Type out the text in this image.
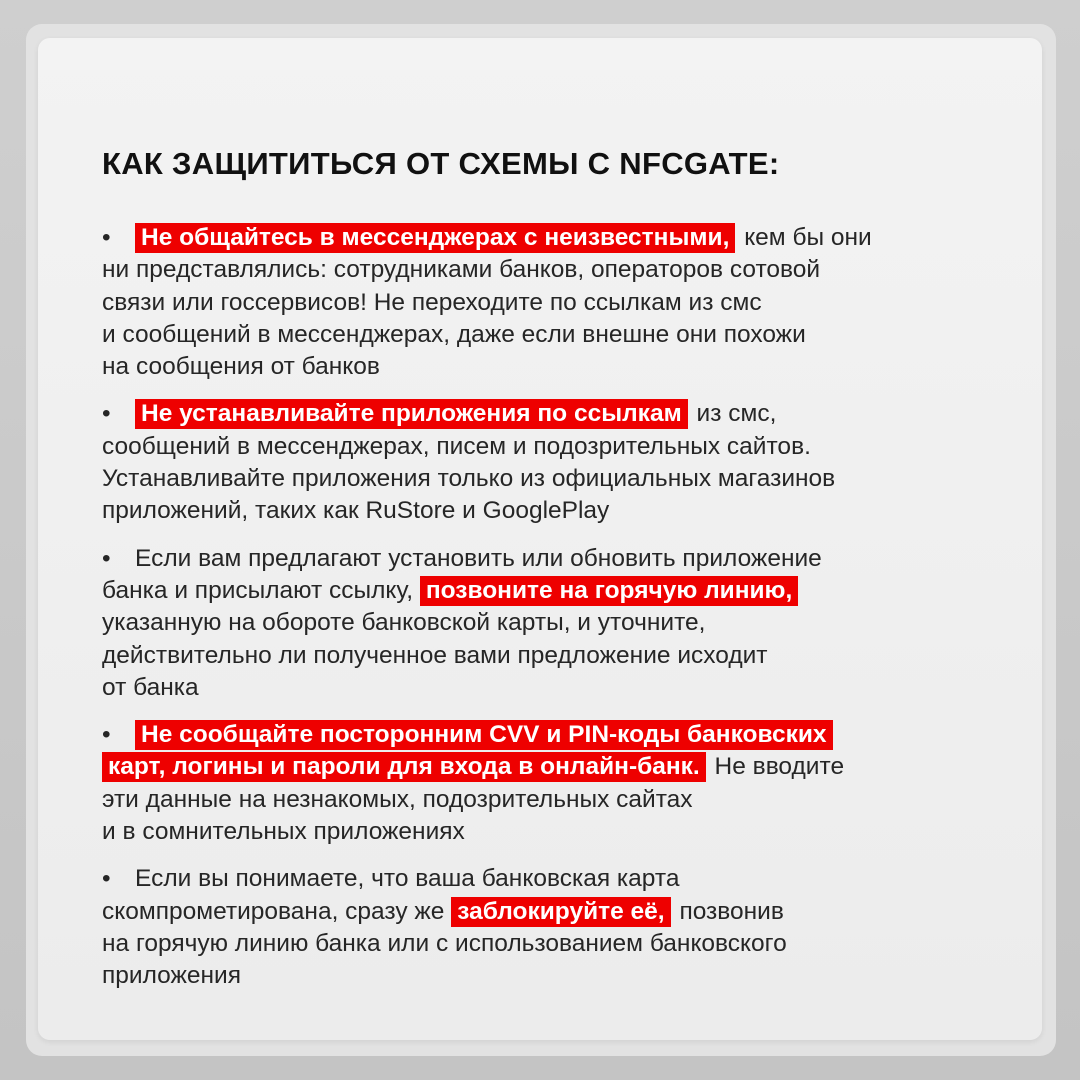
КАК ЗАЩИТИТЬСЯ ОТ СХЕМЫ С NFCGATE:
• Не общайтесь в мессенджерах с неизвестными, кем бы они
ни представлялись: сотрудниками банков, операторов сотовой
связи или госсервисов! Не переходите по ссылкам из смс
и сообщений в мессенджерах, даже если внешне они похожи
на сообщения от банков
• Не устанавливайте приложения по ссылкам из смс,
сообщений в мессенджерах, писем и подозрительных сайтов.
Устанавливайте приложения только из официальных магазинов
приложений, таких как RuStore и GooglePlay
• Если вам предлагают установить или обновить приложение
банка и присылают ссылку, позвоните на горячую линию,
указанную на обороте банковской карты, и уточните,
действительно ли полученное вами предложение исходит
от банка
• Не сообщайте посторонним CVV и PIN-коды банковских
карт, логины и пароли для входа в онлайн-банк. Не вводите
эти данные на незнакомых, подозрительных сайтах
и в сомнительных приложениях
• Если вы понимаете, что ваша банковская карта
скомпрометирована, сразу же заблокируйте её, позвонив
на горячую линию банка или с использованием банковского
приложения
